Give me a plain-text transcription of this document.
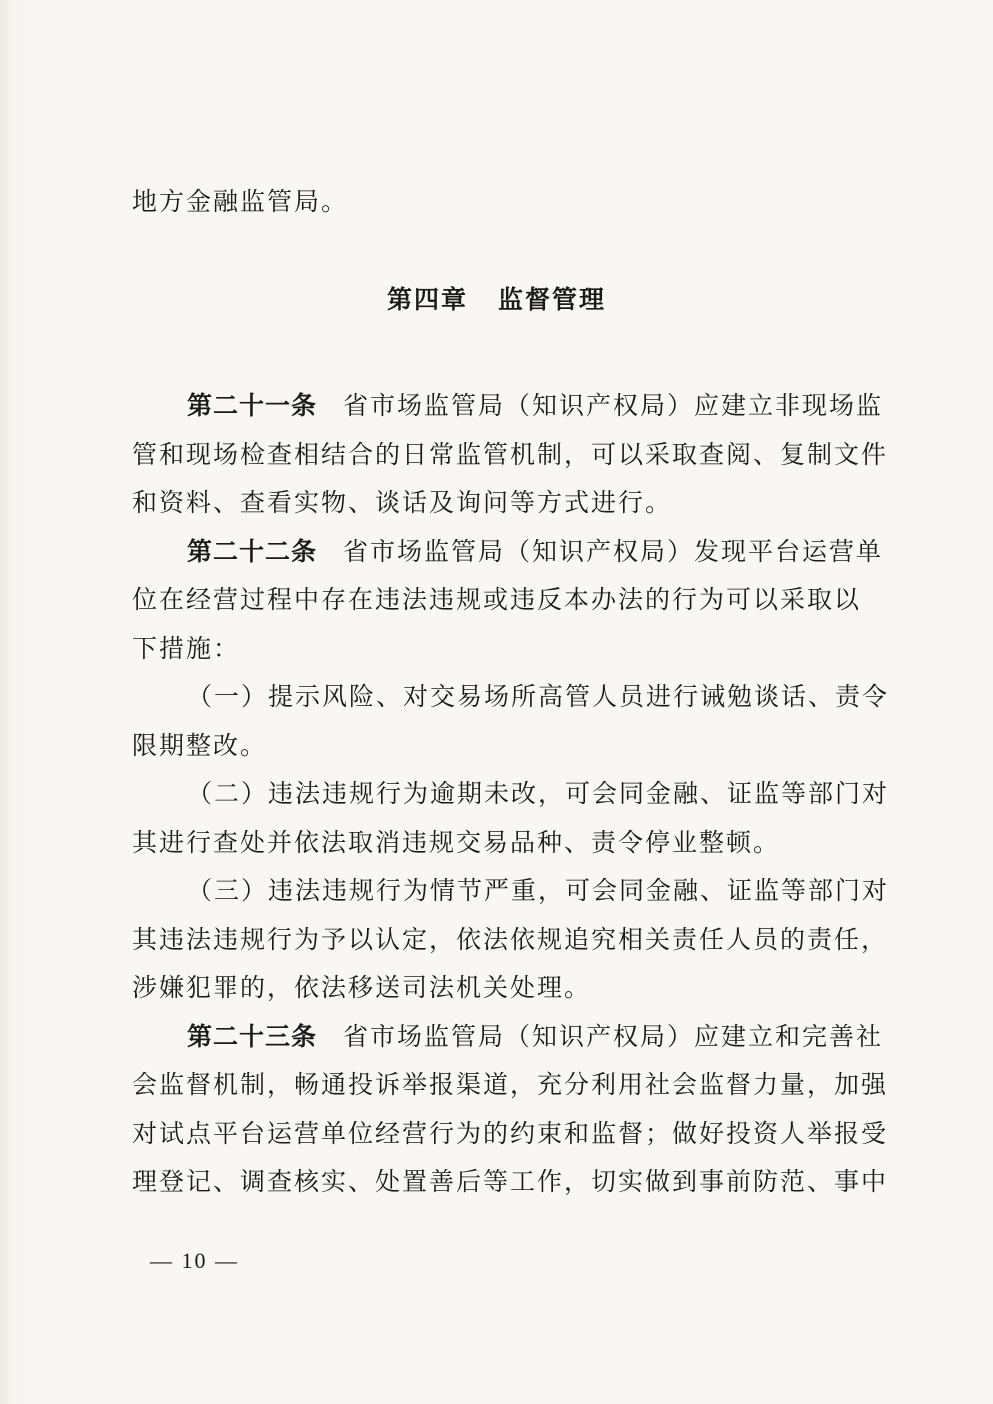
地方金融监管局。
第四章 监督管理
第二十一条 省市场监管局（知识产权局）应建立非现场监
管和现场检查相结合的日常监管机制，可以采取查阅、复制文件
和资料、查看实物、谈话及询问等方式进行。
第二十二条 省市场监管局（知识产权局）发现平台运营单
位在经营过程中存在违法违规或违反本办法的行为可以采取以
下措施：
（一）提示风险、对交易场所高管人员进行诫勉谈话、责令
限期整改。
（二）违法违规行为逾期未改，可会同金融、证监等部门对
其进行查处并依法取消违规交易品种、责令停业整顿。
（三）违法违规行为情节严重，可会同金融、证监等部门对
其违法违规行为予以认定，依法依规追究相关责任人员的责任，
涉嫌犯罪的，依法移送司法机关处理。
第二十三条 省市场监管局（知识产权局）应建立和完善社
会监督机制，畅通投诉举报渠道，充分利用社会监督力量，加强
对试点平台运营单位经营行为的约束和监督；做好投资人举报受
理登记、调查核实、处置善后等工作，切实做到事前防范、事中
— 10 —
